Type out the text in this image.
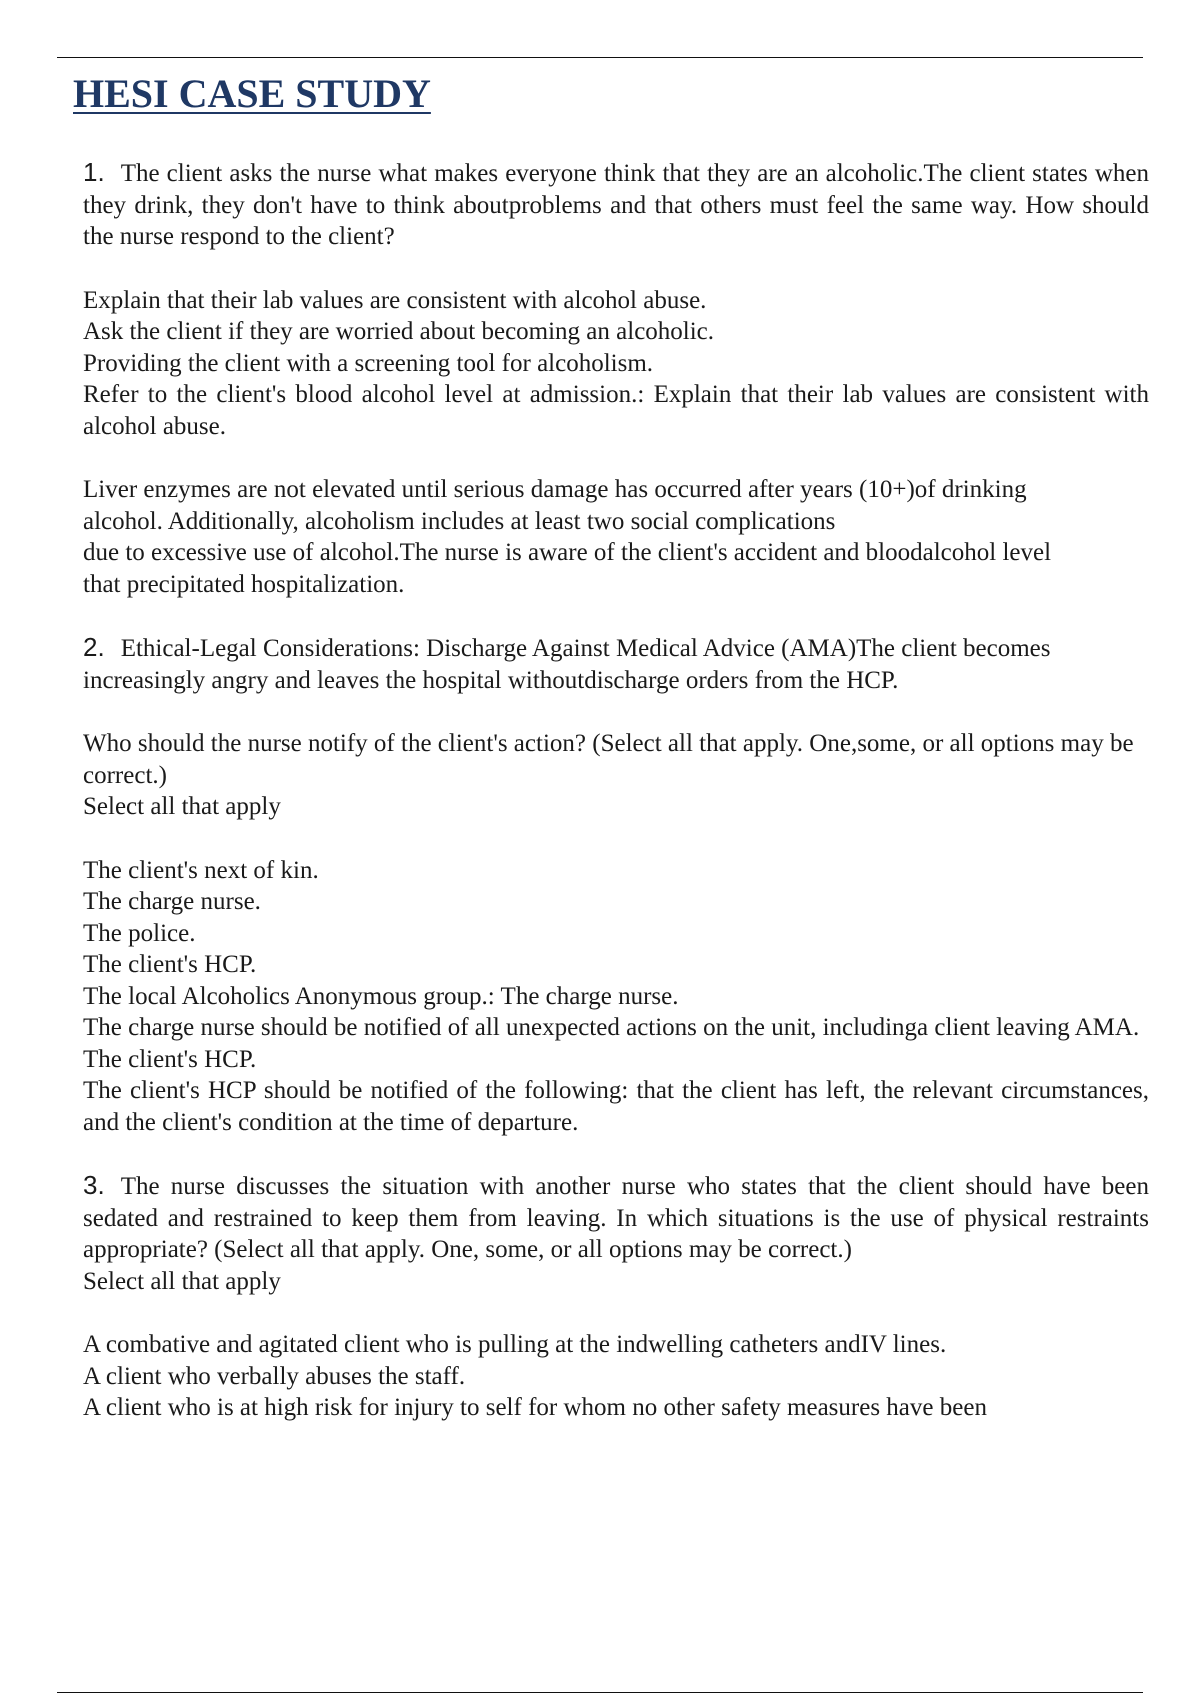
HESI CASE STUDY

1. The client asks the nurse what makes everyone think that they are an alcoholic.The client states when they drink, they don't have to think aboutproblems and that others must feel the same way. How should the nurse respond to the client?

Explain that their lab values are consistent with alcohol abuse.
Ask the client if they are worried about becoming an alcoholic.
Providing the client with a screening tool for alcoholism.
Refer to the client's blood alcohol level at admission.: Explain that their lab values are consistent with alcohol abuse.
Liver enzymes are not elevated until serious damage has occurred after years (10+)of drinking
alcohol. Additionally, alcoholism includes at least two social complications
due to excessive use of alcohol.The nurse is aware of the client's accident and bloodalcohol level
that precipitated hospitalization.

2. Ethical-Legal Considerations: Discharge Against Medical Advice (AMA)The client becomes increasingly angry and leaves the hospital withoutdischarge orders from the HCP.

Who should the nurse notify of the client's action? (Select all that apply. One,some, or all options may be correct.)
Select all that apply
The client's next of kin.
The charge nurse.
The police.
The client's HCP.
The local Alcoholics Anonymous group.: The charge nurse.
The charge nurse should be notified of all unexpected actions on the unit, includinga client leaving AMA.
The client's HCP.
The client's HCP should be notified of the following: that the client has left, the relevant circumstances, and the client's condition at the time of departure.
3. The nurse discusses the situation with another nurse who states that the client should have been sedated and restrained to keep them from leaving. In which situations is the use of physical restraints appropriate? (Select all that apply. One, some, or all options may be correct.)
Select all that apply
A combative and agitated client who is pulling at the indwelling catheters andIV lines.
A client who verbally abuses the staff.
A client who is at high risk for injury to self for whom no other safety measures have been
